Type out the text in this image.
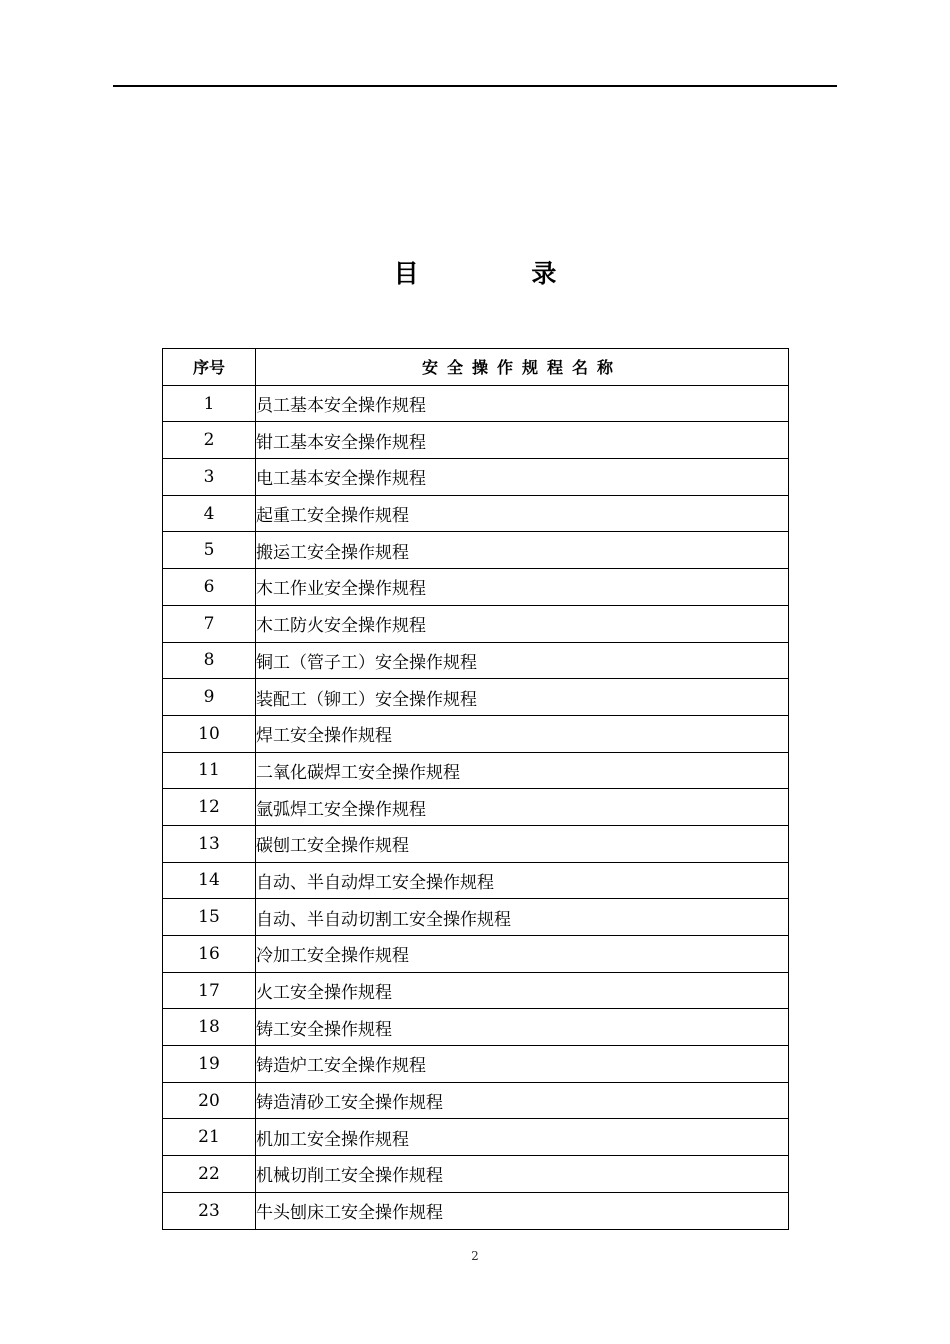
目 录
序号	安全操作规程名称
1	员工基本安全操作规程
2	钳工基本安全操作规程
3	电工基本安全操作规程
4	起重工安全操作规程
5	搬运工安全操作规程
6	木工作业安全操作规程
7	木工防火安全操作规程
8	铜工（管子工）安全操作规程
9	装配工（铆工）安全操作规程
10	焊工安全操作规程
11	二氧化碳焊工安全操作规程
12	氩弧焊工安全操作规程
13	碳刨工安全操作规程
14	自动、半自动焊工安全操作规程
15	自动、半自动切割工安全操作规程
16	冷加工安全操作规程
17	火工安全操作规程
18	铸工安全操作规程
19	铸造炉工安全操作规程
20	铸造清砂工安全操作规程
21	机加工安全操作规程
22	机械切削工安全操作规程
23	牛头刨床工安全操作规程
2
